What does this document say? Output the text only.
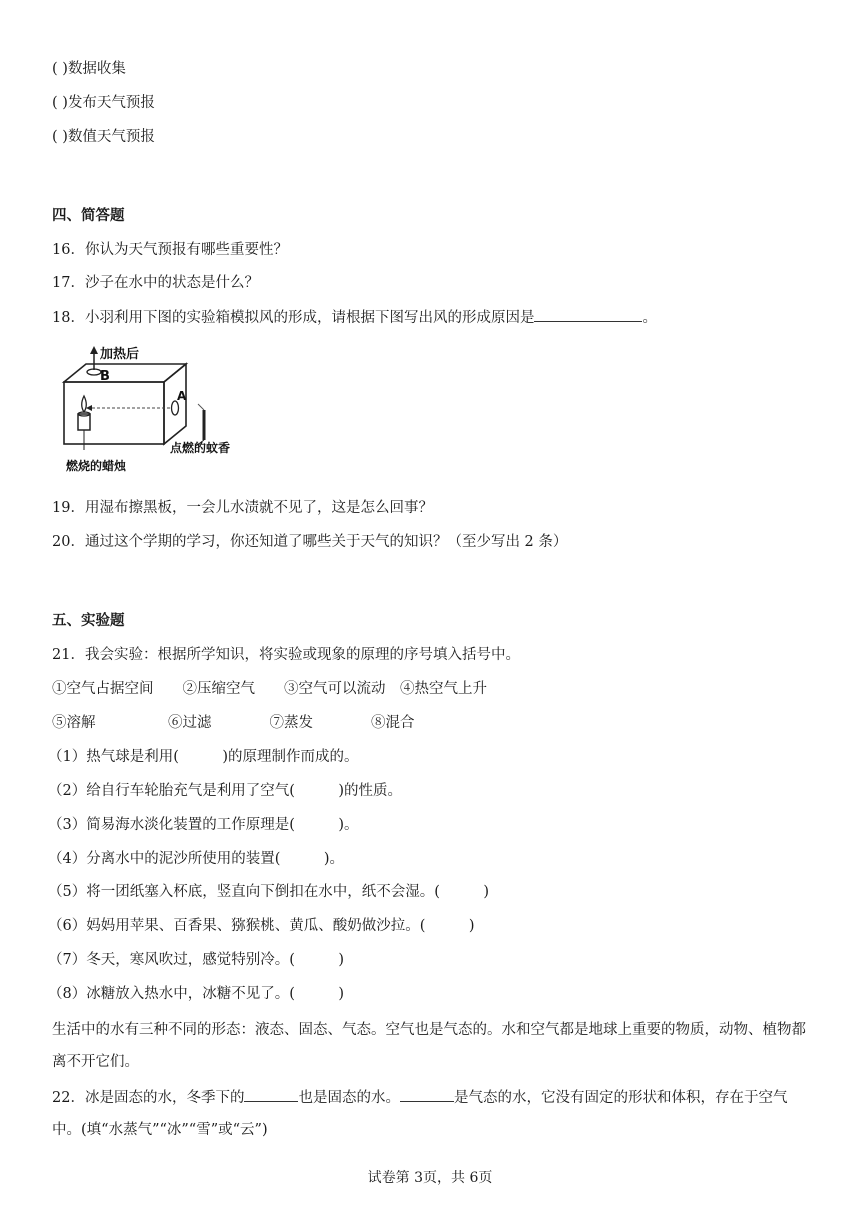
( )数据收集
( )发布天气预报
( )数值天气预报
四、简答题
16．你认为天气预报有哪些重要性？
17．沙子在水中的状态是什么？
18．小羽利用下图的实验箱模拟风的形成，请根据下图写出风的形成原因是	。
加热后
B
A
点燃的蚊香
燃烧的蜡烛
19．用湿布擦黑板，一会儿水渍就不见了，这是怎么回事？
20．通过这个学期的学习，你还知道了哪些关于天气的知识？（至少写出 2 条）
五、实验题
21．我会实验：根据所学知识，将实验或现象的原理的序号填入括号中。
①空气占据空间　　②压缩空气　　③空气可以流动　④热空气上升
⑤溶解　　　　　⑥过滤　　　　⑦蒸发　　　　⑧混合
（1）热气球是利用(　　　)的原理制作而成的。
（2）给自行车轮胎充气是利用了空气(　　　)的性质。
（3）简易海水淡化装置的工作原理是(　　　)。
（4）分离水中的泥沙所使用的装置(　　　)。
（5）将一团纸塞入杯底，竖直向下倒扣在水中，纸不会湿。(　　　)
（6）妈妈用苹果、百香果、猕猴桃、黄瓜、酸奶做沙拉。(　　　)
（7）冬天，寒风吹过，感觉特别冷。(　　　)
（8）冰糖放入热水中，冰糖不见了。(　　　)
生活中的水有三种不同的形态：液态、固态、气态。空气也是气态的。水和空气都是地球上重要的物质，动物、植物都离不开它们。
22．冰是固态的水，冬季下的	也是固态的水。	是气态的水，它没有固定的形状和体积，存在于空气中。(填“水蒸气”“冰”“雪”或“云”)
试卷第 3页，共 6页
